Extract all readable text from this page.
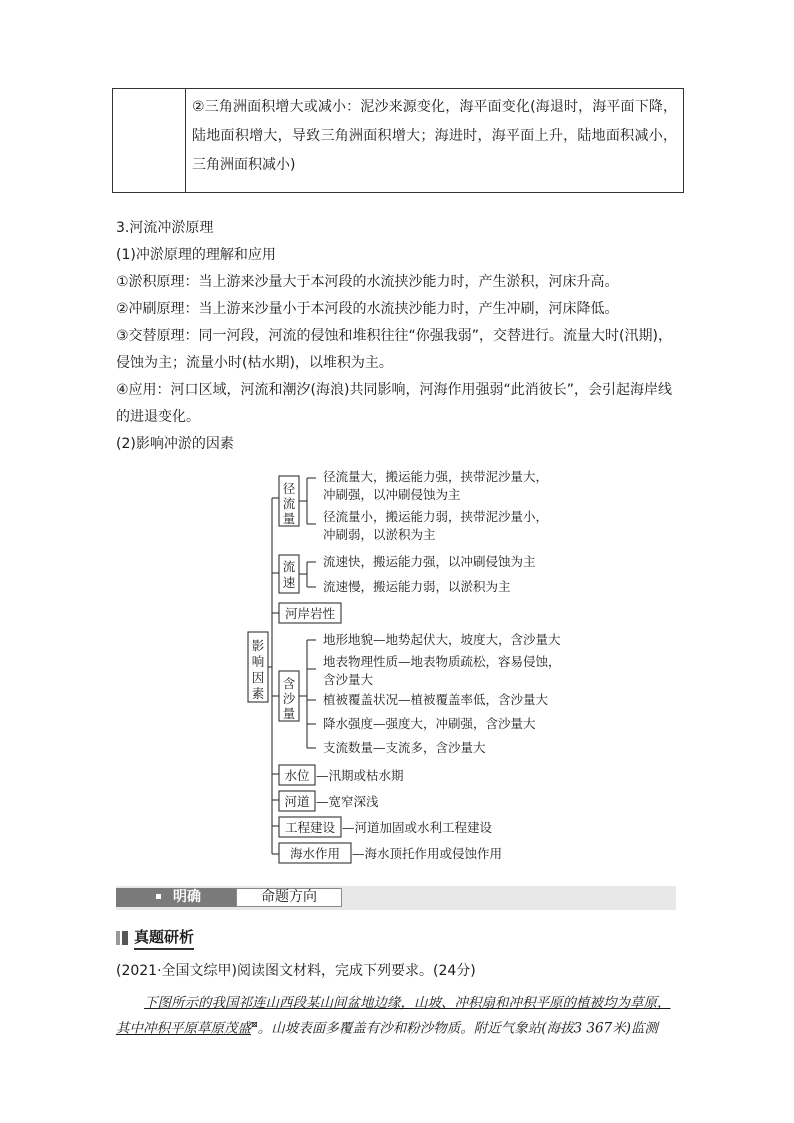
②三角洲面积增大或减小：泥沙来源变化，海平面变化(海退时，海平面下降，陆地面积增大，导致三角洲面积增大；海进时，海平面上升，陆地面积减小，三角洲面积减小)
3.河流冲淤原理
(1)冲淤原理的理解和应用
①淤积原理：当上游来沙量大于本河段的水流挟沙能力时，产生淤积，河床升高。
②冲刷原理：当上游来沙量小于本河段的水流挟沙能力时，产生冲刷，河床降低。
③交替原理：同一河段，河流的侵蚀和堆积往往“你强我弱”，交替进行。流量大时(汛期)，
侵蚀为主；流量小时(枯水期)，以堆积为主。
④应用：河口区域，河流和潮汐(海浪)共同影响，河海作用强弱“此消彼长”，会引起海岸线
的进退变化。
(2)影响冲淤的因素
影
响
因
素
径
流
量
径流量大，搬运能力强，挟带泥沙量大，
冲刷强，以冲刷侵蚀为主
径流量小，搬运能力弱，挟带泥沙量小，
冲刷弱，以淤积为主
流
速
流速快，搬运能力强，以冲刷侵蚀为主
流速慢，搬运能力弱，以淤积为主
河岸岩性
含
沙
量
地形地貌—地势起伏大，坡度大，含沙量大
地表物理性质—地表物质疏松，容易侵蚀，
含沙量大
植被覆盖状况—植被覆盖率低，含沙量大
降水强度—强度大，冲刷强，含沙量大
支流数量—支流多，含沙量大
水位 —汛期或枯水期
河道 —宽窄深浅
工程建设 —河道加固或水利工程建设
海水作用 —海水顶托作用或侵蚀作用
明确	命题方向
真题研析
(2021·全国文综甲)阅读图文材料，完成下列要求。(24分)
下图所示的我国祁连山西段某山间盆地边缘，山坡、冲积扇和冲积平原的植被均为草原，
其中冲积平原草原茂盛⊠。山坡表面多覆盖有沙和粉沙物质。附近气象站(海拔3 367米)监测
